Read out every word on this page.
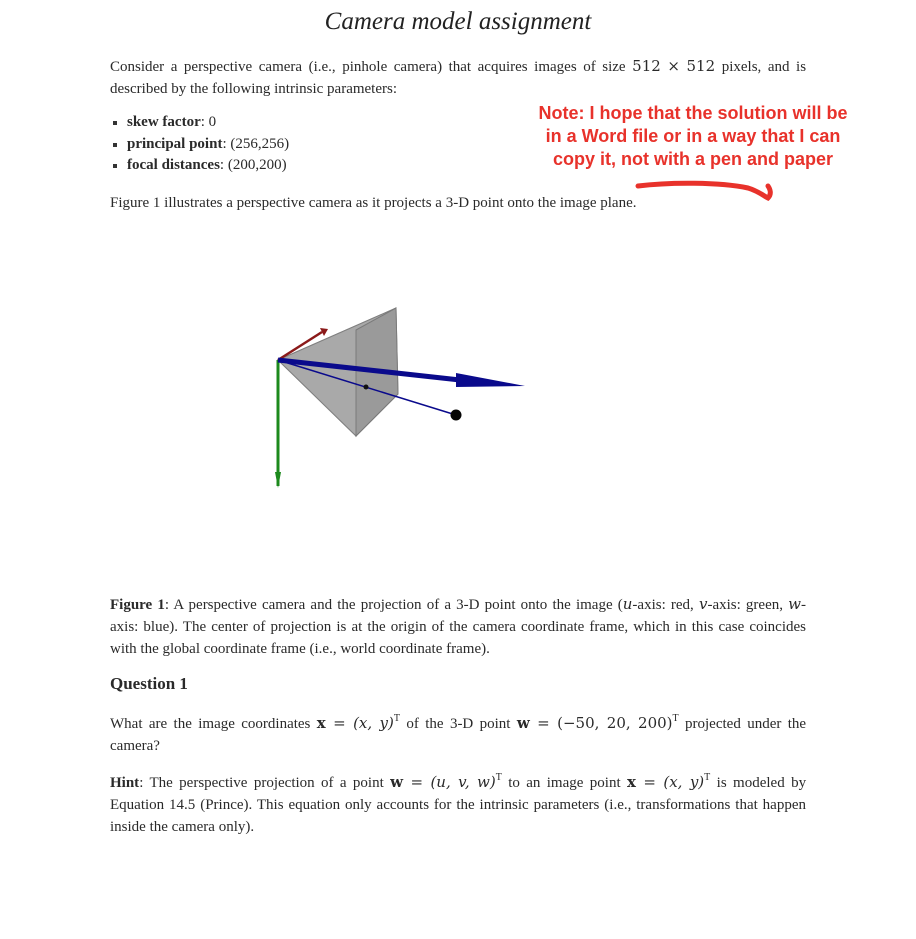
Camera model assignment
Consider a perspective camera (i.e., pinhole camera) that acquires images of size 512 × 512 pixels, and is described by the following intrinsic parameters:
skew factor: 0
principal point: (256,256)
focal distances: (200,200)
Note: I hope that the solution will be
in a Word file or in a way that I can
copy it, not with a pen and paper
Figure 1 illustrates a perspective camera as it projects a 3-D point onto the image plane.
Figure 1: A perspective camera and the projection of a 3-D point onto the image (u-axis: red, v-axis: green, w-axis: blue). The center of projection is at the origin of the camera coordinate frame, which in this case coincides with the global coordinate frame (i.e., world coordinate frame).
Question 1
What are the image coordinates x = (x, y)$^T$ of the 3-D point w = (−50, 20, 200)$^T$ projected under the camera?
Hint: The perspective projection of a point w = (u, v, w)$^T$ to an image point x = (x, y)$^T$ is modeled by Equation 14.5 (Prince). This equation only accounts for the intrinsic parameters (i.e., transformations that happen inside the camera only).
